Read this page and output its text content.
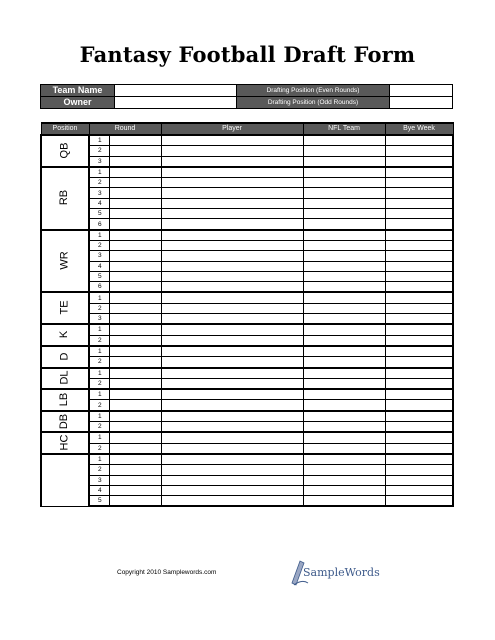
Fantasy Football Draft Form
Team Name		Drafting Position (Even Rounds)	
Owner		Drafting Position (Odd Rounds)	
Position	Round		Player	NFL Team	Bye Week
QB	1				
	2				
	3				
RB	1				
	2				
	3				
	4				
	5				
	6				
WR	1				
	2				
	3				
	4				
	5				
	6				
TE	1				
	2				
	3				
K	1				
	2				
D	1				
	2				
DL	1				
	2				
LB	1				
	2				
DB	1				
	2				
HC	1				
	2				
	1				
	2				
	3				
	4				
	5				
Copyright 2010 Samplewords.com	SampleWords
